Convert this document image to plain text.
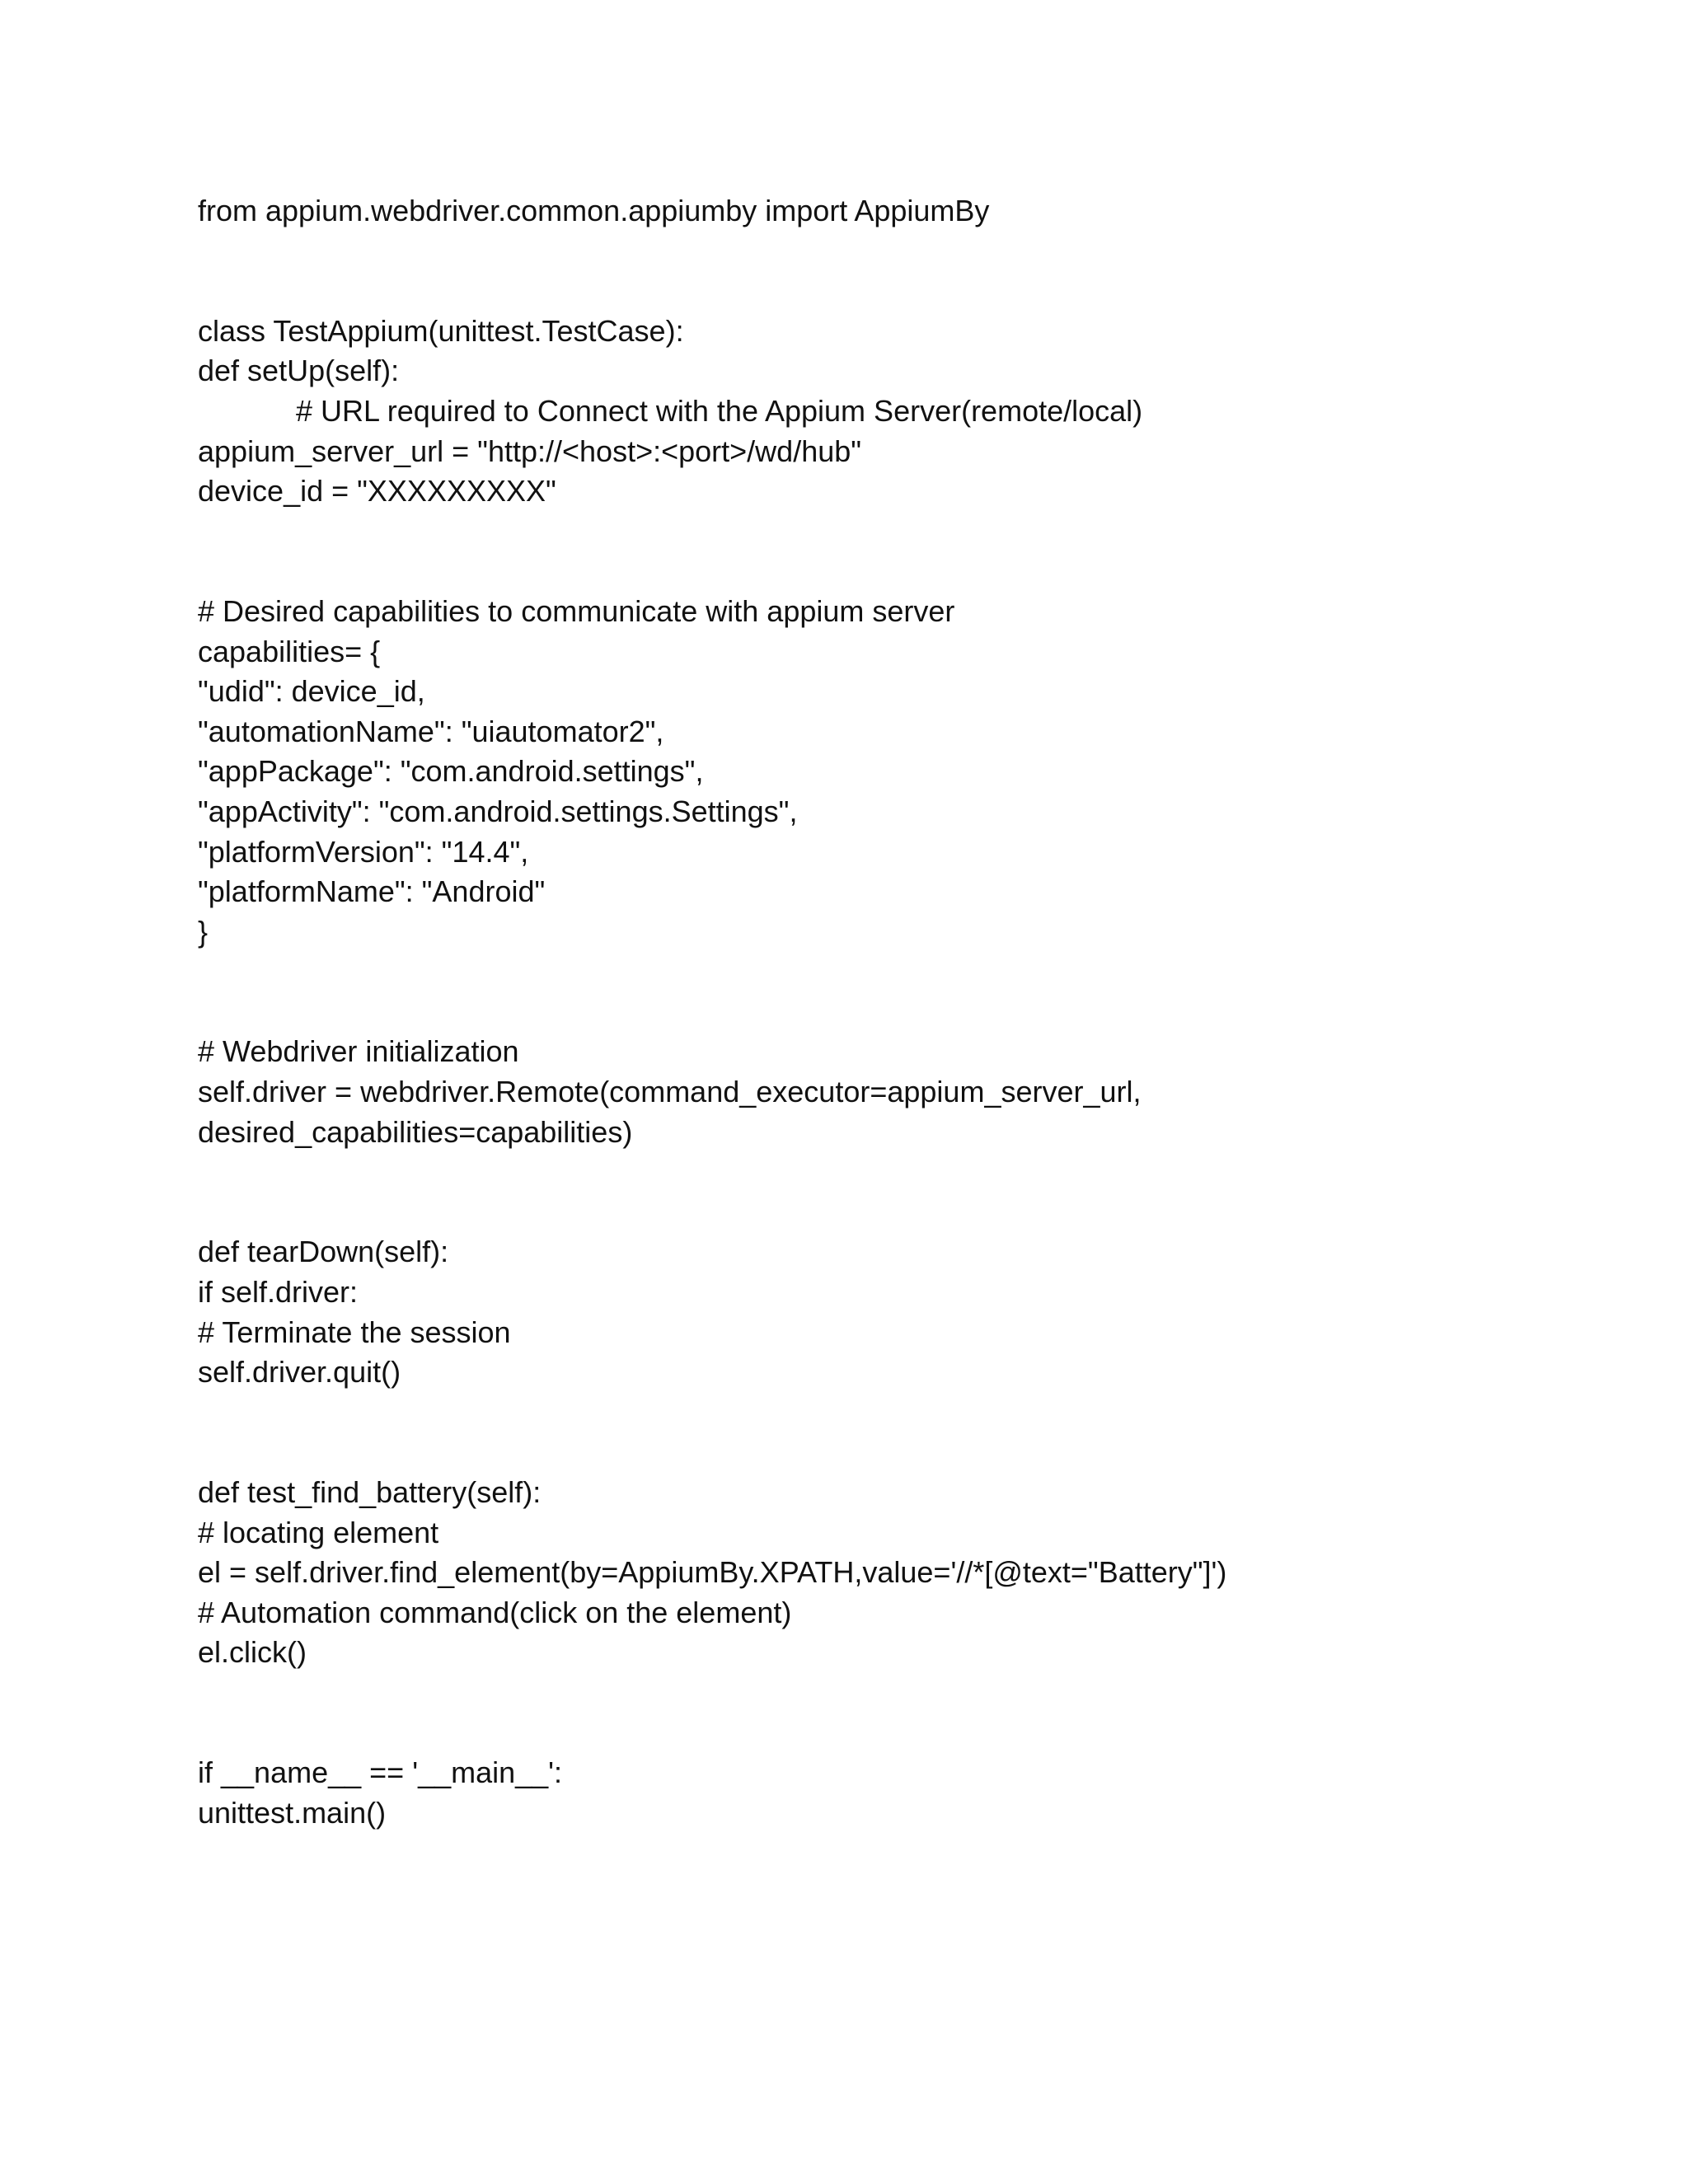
from appium.webdriver.common.appiumby import AppiumBy
class TestAppium(unittest.TestCase):
def setUp(self):
# URL required to Connect with the Appium Server(remote/local)
appium_server_url = "http://<host>:<port>/wd/hub"
device_id = "XXXXXXXXX"
# Desired capabilities to communicate with appium server
capabilities= {
"udid": device_id,
"automationName": "uiautomator2",
"appPackage": "com.android.settings",
"appActivity": "com.android.settings.Settings",
"platformVersion": "14.4",
"platformName": "Android"
}
# Webdriver initialization
self.driver = webdriver.Remote(command_executor=appium_server_url,
desired_capabilities=capabilities)
def tearDown(self):
if self.driver:
# Terminate the session
self.driver.quit()
def test_find_battery(self):
# locating element
el = self.driver.find_element(by=AppiumBy.XPATH,value='//*[@text="Battery"]')
# Automation command(click on the element)
el.click()
if __name__ == '__main__':
unittest.main()
